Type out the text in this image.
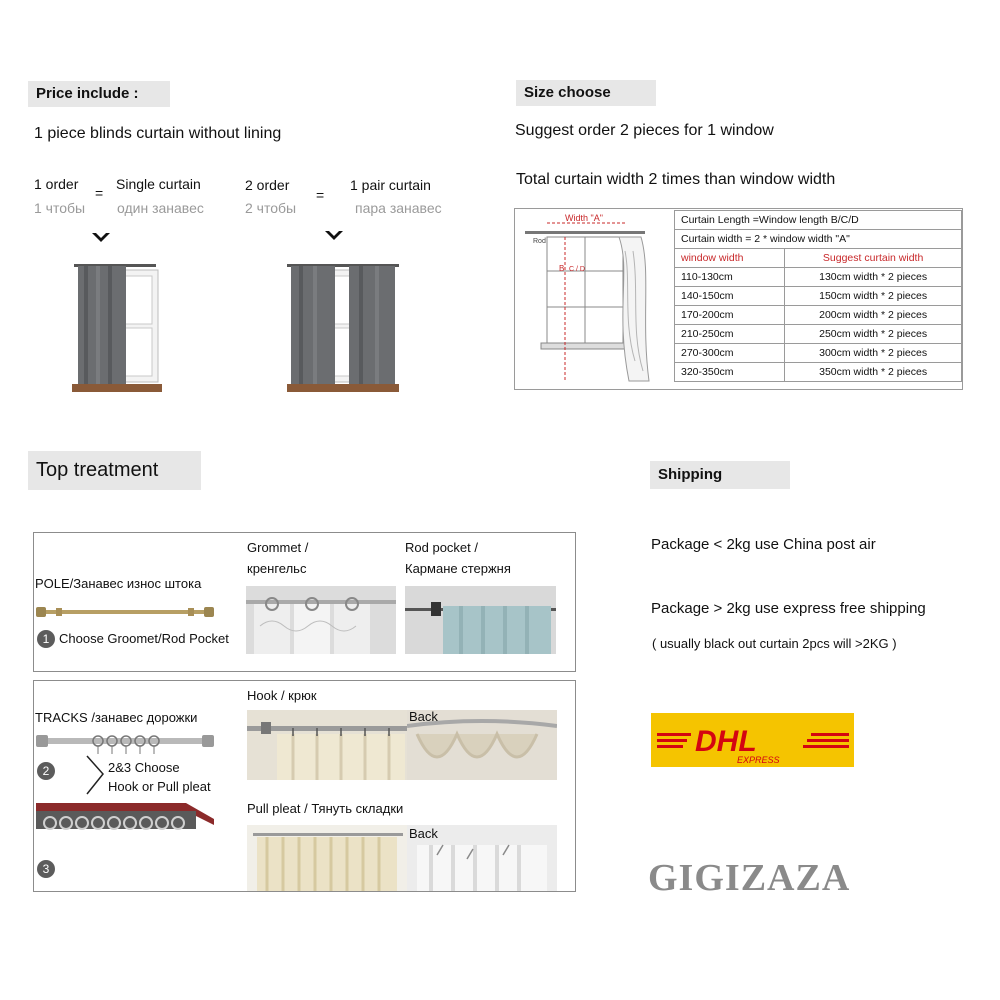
Price include :
1 piece blinds curtain without lining
1 order
1 чтобы
=
Single curtain
один занавес
2 order
2 чтобы
=
1 pair curtain
пара занавес
Size choose
Suggest order 2 pieces for 1 window
Total curtain width 2 times than window width
Width "A"
Rod
B C / D
Curtain Length =Window length B/C/D	
Curtain width = 2 * window width "A"	
window width	Suggest curtain width
110-130cm	130cm width * 2 pieces
140-150cm	150cm width * 2 pieces
170-200cm	200cm width * 2 pieces
210-250cm	250cm width * 2 pieces
270-300cm	300cm width * 2 pieces
320-350cm	350cm width * 2 pieces
Top treatment
POLE/Занавес износ штока
1 Choose Groomet/Rod Pocket
Grommet /
кренгельс
Rod pocket /
Кармане стержня
TRACKS /занавес дорожки
2	2&3 Choose
Hook or Pull pleat
3
Hook / крюк
Back
Pull pleat / Тянуть складки
Back
Shipping
Package < 2kg use China post air
Package > 2kg use express free shipping
( usually black out curtain 2pcs will >2KG )
DHL
EXPRESS
GIGIZAZA
